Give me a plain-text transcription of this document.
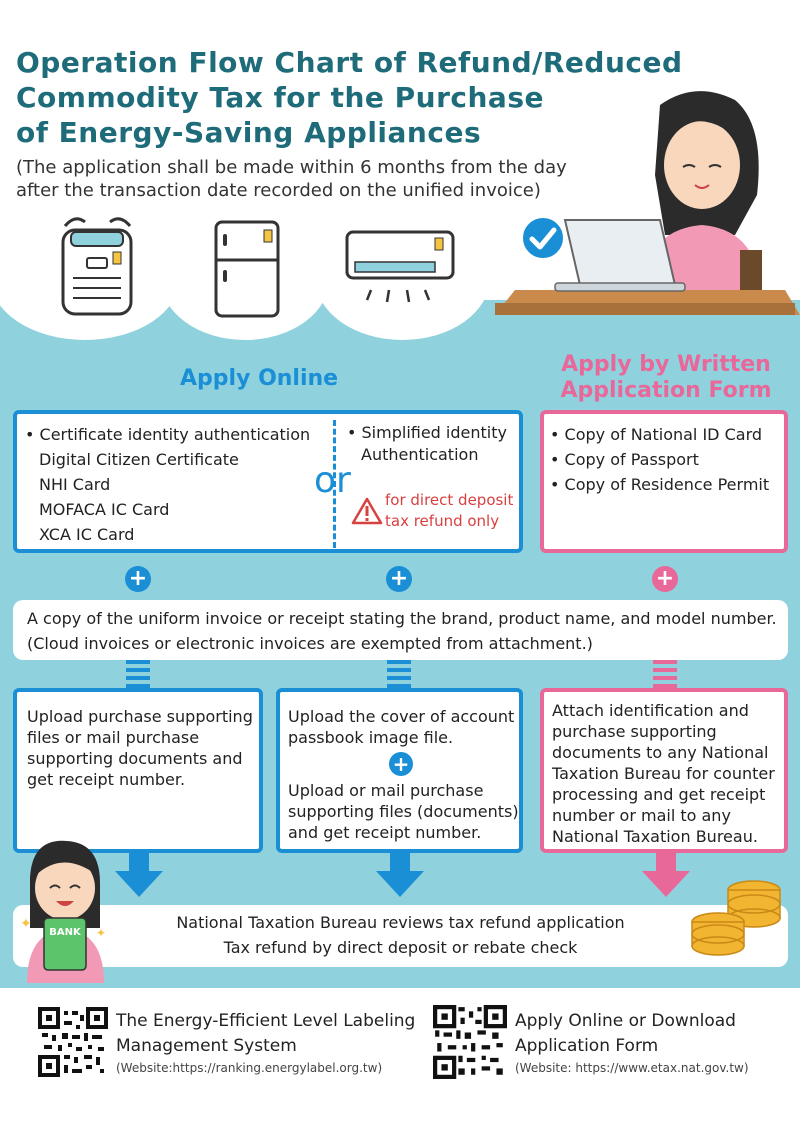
Operation Flow Chart of Refund/Reduced
Commodity Tax for the Purchase
of Energy-Saving Appliances
(The application shall be made within 6 months from the day
after the transaction date recorded on the unified invoice)
Apply Online
Apply by Written
Application Form
• Certificate identity authentication
Digital Citizen Certificate
NHI Card
MOFACA IC Card
XCA IC Card
or
• Simplified identity
Authentication
for direct deposit
tax refund only
• Copy of National ID Card
• Copy of Passport
• Copy of Residence Permit
+	+	+
A copy of the uniform invoice or receipt stating the brand, product name, and model number.
(Cloud invoices or electronic invoices are exempted from attachment.)
Upload purchase supporting
files or mail purchase
supporting documents and
get receipt number.
Upload the cover of account
passbook image file.
+
Upload or mail purchase
supporting files (documents)
and get receipt number.
Attach identification and
purchase supporting
documents to any National
Taxation Bureau for counter
processing and get receipt
number or mail to any
National Taxation Bureau.
National Taxation Bureau reviews tax refund application
Tax refund by direct deposit or rebate check
BANK
✦
✦
The Energy-Efficient Level Labeling
Management System
(Website:https://ranking.energylabel.org.tw)
Apply Online or Download
Application Form
(Website: https://www.etax.nat.gov.tw)
